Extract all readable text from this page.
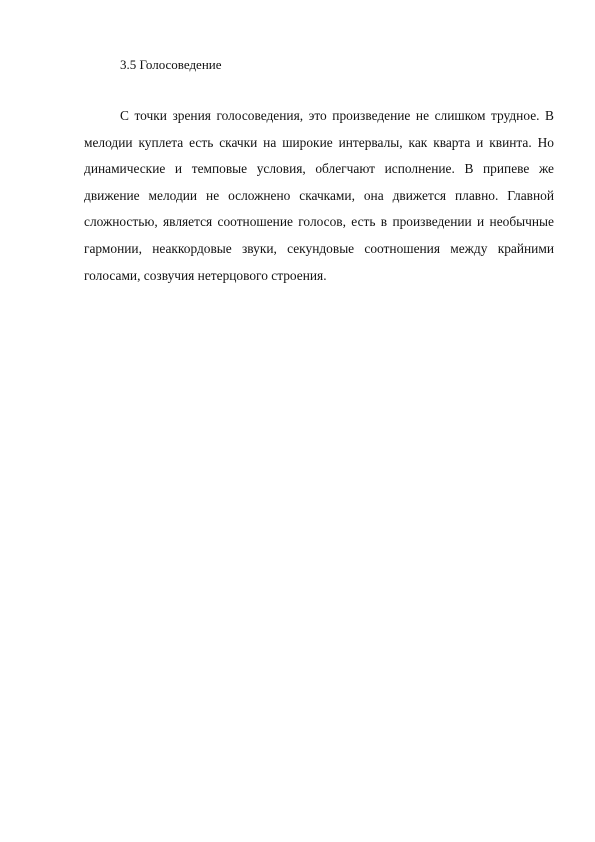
3.5 Голосоведение

С точки зрения голосоведения, это произведение не слишком трудное. В мелодии куплета есть скачки на широкие интервалы, как кварта и квинта. Но динамические и темповые условия, облегчают исполнение. В припеве же движение мелодии не осложнено скачками, она движется плавно. Главной сложностью, является соотношение голосов, есть в произведении и необычные гармонии, неаккордовые звуки, секундовые соотношения между крайними голосами, созвучия нетерцового строения.
